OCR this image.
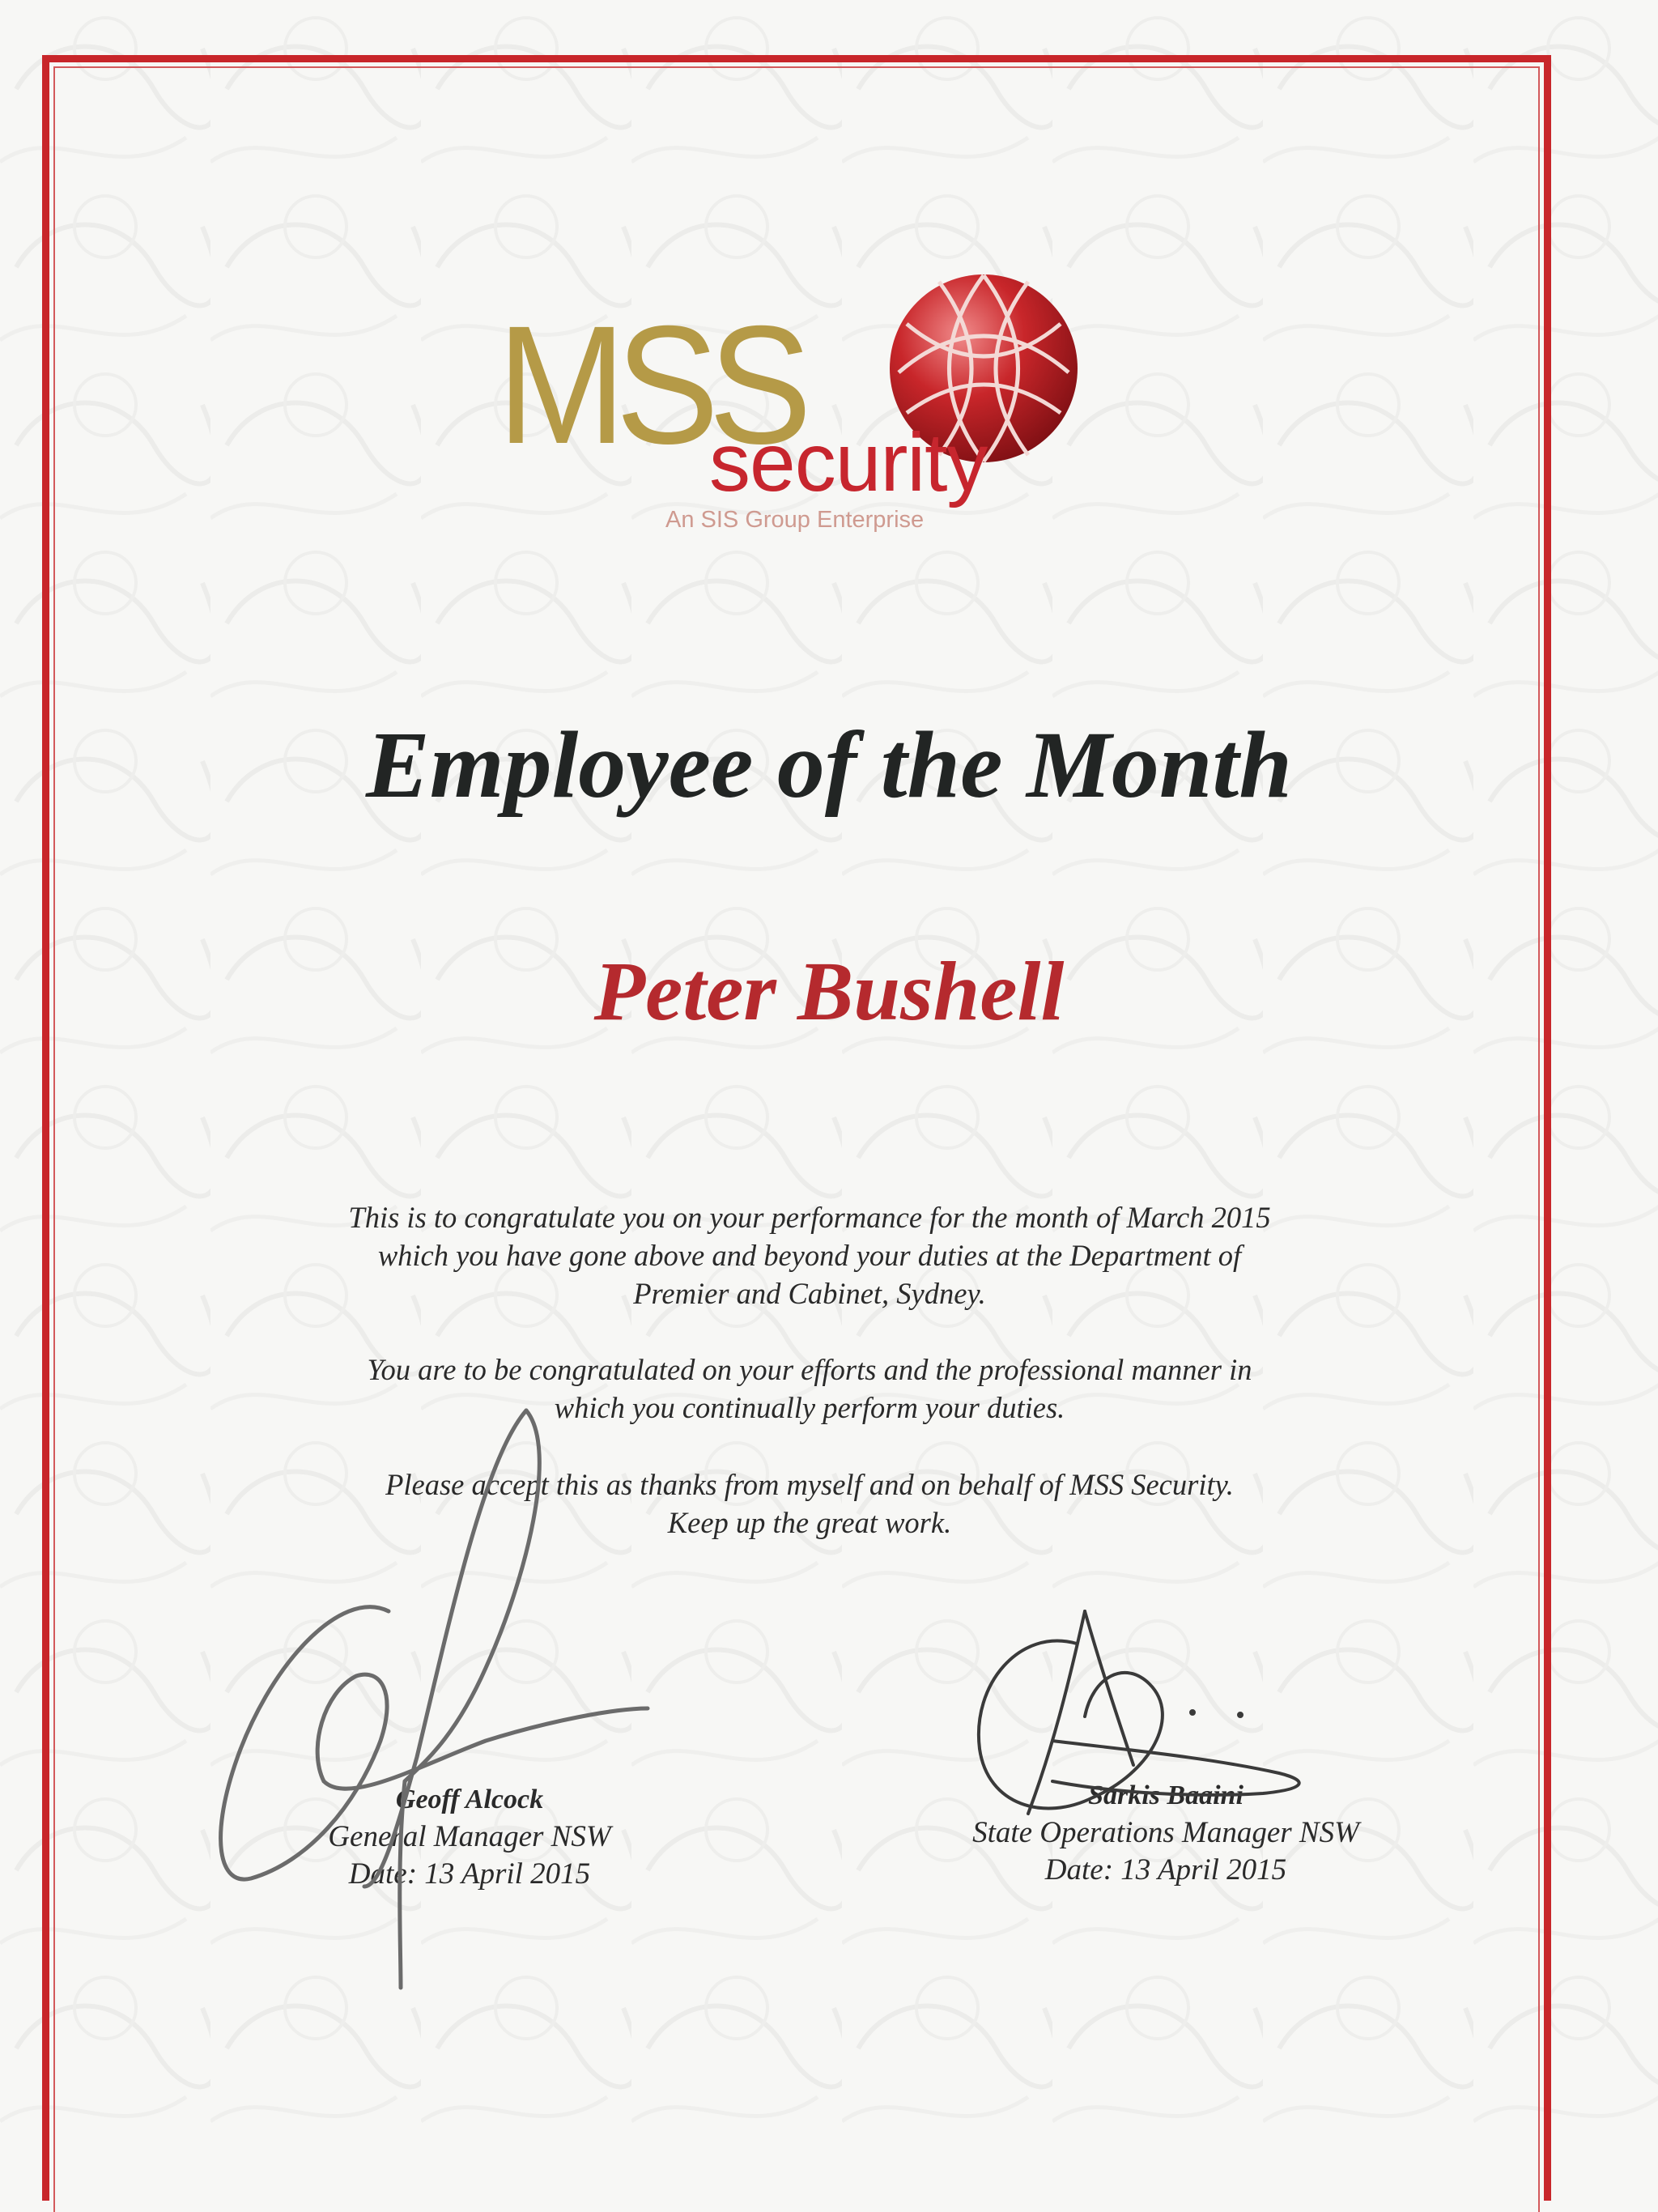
MSS
security
An SIS Group Enterprise
Employee of the Month
Peter Bushell

This is to congratulate you on your performance for the month of March 2015
which you have gone above and beyond your duties at the Department of
Premier and Cabinet, Sydney.

You are to be congratulated on your efforts and the professional manner in
which you continually perform your duties.

Please accept this as thanks from myself and on behalf of MSS Security.
Keep up the great work.

Geoff Alcock
General Manager NSW
Date: 13 April 2015
Sarkis Baaini
State Operations Manager NSW
Date: 13 April 2015
